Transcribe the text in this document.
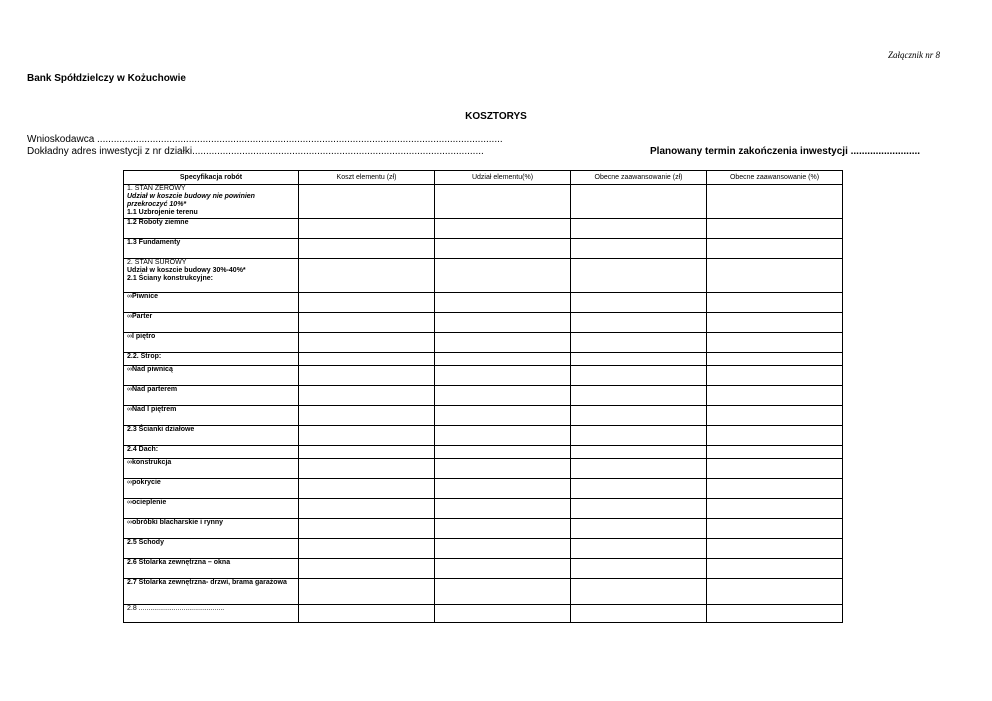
Załącznik nr 8
Bank Spółdzielczy w Kożuchowie
KOSZTORYS
Wnioskodawca ..................................................................................................................................................
Dokładny adres inwestycji z nr działki.........................................................................................................	Planowany termin zakończenia inwestycji .........................
Specyfikacja robót	Koszt elementu (zł)	Udział elementu(%)	Obecne zaawansowanie (zł)	Obecne zaawansowanie (%)

1. STAN ZEROWY
Udział w koszcie budowy nie powinien przekroczyć 10%*
1.1 Uzbrojenie terenu				

1.2 Roboty ziemne				

1.3 Fundamenty				

2. STAN SUROWY
Udział w koszcie budowy 30%-40%*
2.1 Ściany konstrukcyjne:				

∞Piwnice				

∞Parter				

∞I piętro				

2.2. Strop:				

∞Nad piwnicą				

∞Nad parterem				

∞Nad I piętrem				

2.3 Ścianki działowe				

2.4 Dach:				

∞konstrukcja				

∞pokrycie				

∞ocieplenie				

∞obróbki blacharskie i rynny				

2.5 Schody				

2.6 Stolarka zewnętrzna – okna				

2.7 Stolarka zewnętrzna- drzwi, brama garażowa				

2.8 ............................................				
